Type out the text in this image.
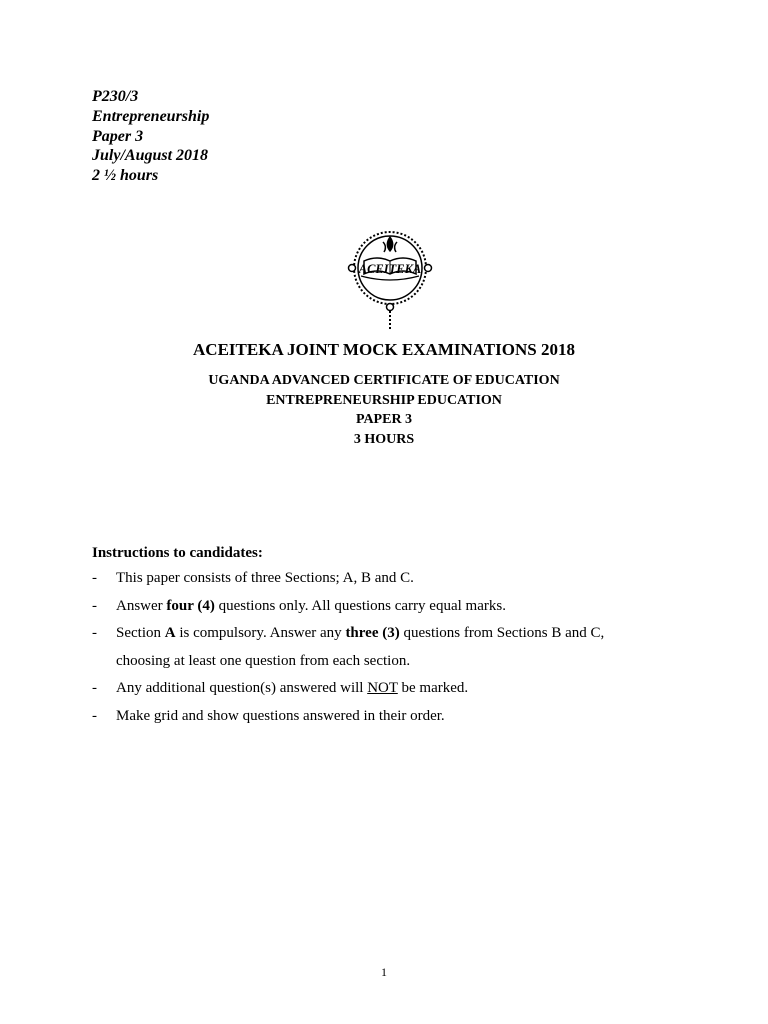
P230/3
Entrepreneurship
Paper 3
July/August 2018
2 ½ hours
ACEITEKA
ACEITEKA JOINT MOCK EXAMINATIONS 2018
UGANDA ADVANCED CERTIFICATE OF EDUCATION
ENTREPRENEURSHIP EDUCATION
PAPER 3
3 HOURS
Instructions to candidates:
-	This paper consists of three Sections; A, B and C.
-	Answer four (4) questions only. All questions carry equal marks.
-	Section A is compulsory. Answer any three (3) questions from Sections B and C,
choosing at least one question from each section.
-	Any additional question(s) answered will NOT be marked.
-	Make grid and show questions answered in their order.
1
